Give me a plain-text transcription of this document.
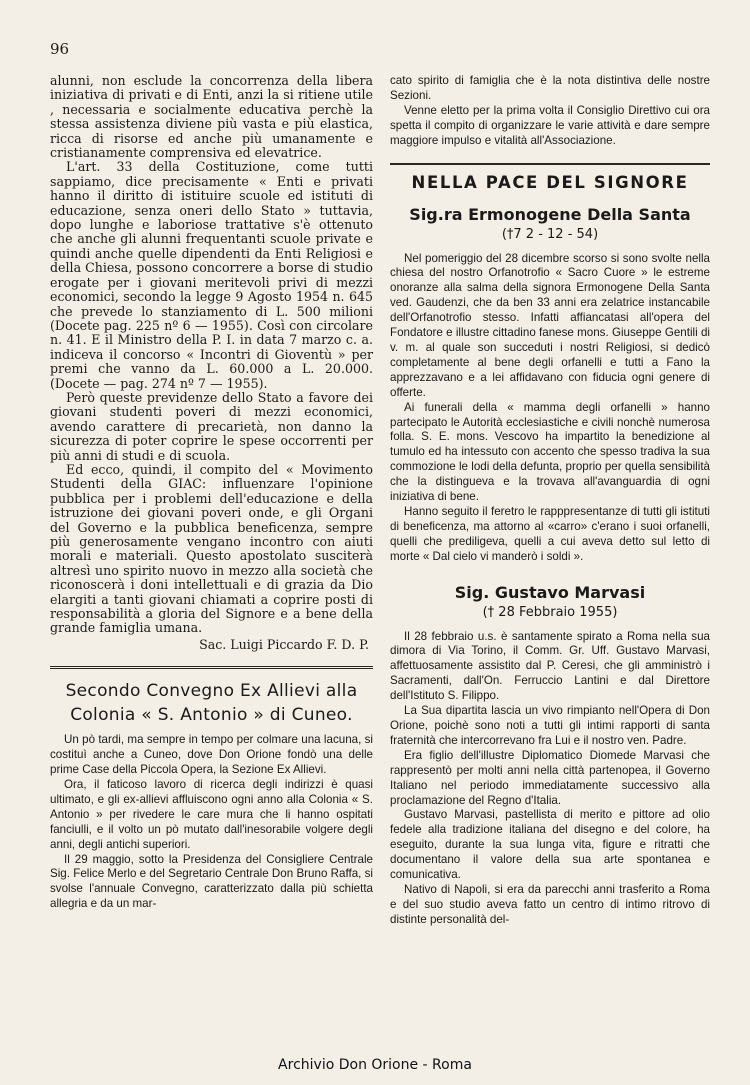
96

alunni, non esclude la concorrenza della libera iniziativa di privati e di Enti, anzi la si ritiene utile , necessaria e socialmente educativa perchè la stessa assistenza diviene più vasta e più elastica, ricca di risorse ed anche più umanamente e cristianamente comprensiva ed elevatrice.

L'art. 33 della Costituzione, come tutti sappiamo, dice precisamente « Enti e privati hanno il diritto di istituire scuole ed istituti di educazione, senza oneri dello Stato » tuttavia, dopo lunghe e laboriose trattative s'è ottenuto che anche gli alunni frequentanti scuole private e quindi anche quelle dipendenti da Enti Religiosi e della Chiesa, possono concorrere a borse di studio erogate per i giovani meritevoli privi di mezzi economici, secondo la legge 9 Agosto 1954 n. 645 che prevede lo stanziamento di L. 500 milioni (Docete pag. 225 nº 6 — 1955). Così con circolare n. 41. E il Ministro della P. I. in data 7 marzo c. a. indiceva il concorso « Incontri di Gioventù » per premi che vanno da L. 60.000 a L. 20.000. (Docete — pag. 274 nº 7 — 1955).

Però queste previdenze dello Stato a favore dei giovani studenti poveri di mezzi economici, avendo carattere di precarietà, non danno la sicurezza di poter coprire le spese occorrenti per più anni di studi e di scuola.

Ed ecco, quindi, il compito del « Movimento Studenti della GIAC: influenzare l'opinione pubblica per i problemi dell'educazione e della istruzione dei giovani poveri onde, e gli Organi del Governo e la pubblica beneficenza, sempre più generosamente vengano incontro con aiuti morali e materiali. Questo apostolato susciterà altresì uno spirito nuovo in mezzo alla società che riconoscerà i doni intellettuali e di grazia da Dio elargiti a tanti giovani chiamati a coprire posti di responsabilità a gloria del Signore e a bene della grande famiglia umana.

Sac. Luigi Piccardo F. D. P.
Secondo Convegno Ex Allievi alla
Colonia « S. Antonio » di Cuneo.

Un pò tardi, ma sempre in tempo per colmare una lacuna, si costituì anche a Cuneo, dove Don Orione fondò una delle prime Case della Piccola Opera, la Sezione Ex Allievi.

Ora, il faticoso lavoro di ricerca degli indirizzi è quasi ultimato, e gli ex-allievi affluiscono ogni anno alla Colonia « S. Antonio » per rivedere le care mura che li hanno ospitati fanciulli, e il volto un pò mutato dall'inesorabile volgere degli anni, degli antichi superiori.

Il 29 maggio, sotto la Presidenza del Consigliere Centrale Sig. Felice Merlo e del Segretario Centrale Don Bruno Raffa, si svolse l'annuale Convegno, caratterizzato dalla più schietta allegria e da un mar-

cato spirito di famiglia che è la nota distintiva delle nostre Sezioni.

Venne eletto per la prima volta il Consiglio Direttivo cui ora spetta il compito di organizzare le varie attività e dare sempre maggiore impulso e vitalità all'Associazione.

NELLA PACE DEL SIGNORE
Sig.ra Ermonogene Della Santa
(†7 2 - 12 - 54)

Nel pomeriggio del 28 dicembre scorso si sono svolte nella chiesa del nostro Orfanotrofio « Sacro Cuore » le estreme onoranze alla salma della signora Ermonogene Della Santa ved. Gaudenzi, che da ben 33 anni era zelatrice instancabile dell'Orfanotrofio stesso. Infatti affiancatasi all'opera del Fondatore e illustre cittadino fanese mons. Giuseppe Gentili di v. m. al quale son succeduti i nostri Religiosi, si dedicò completamente al bene degli orfanelli e tutti a Fano la apprezzavano e a lei affidavano con fiducia ogni genere di offerte.

Ai funerali della « mamma degli orfanelli » hanno partecipato le Autorità ecclesiastiche e civili nonchè numerosa folla. S. E. mons. Vescovo ha impartito la benedizione al tumulo ed ha intessuto con accento che spesso tradiva la sua commozione le lodi della defunta, proprio per quella sensibilità che la distingueva e la trovava all'avanguardia di ogni iniziativa di bene.

Hanno seguito il feretro le rapppresentanze di tutti gli istituti di beneficenza, ma attorno al «carro» c'erano i suoi orfanelli, quelli che prediligeva, quelli a cui aveva detto sul letto di morte « Dal cielo vi manderò i soldi ».

Sig. Gustavo Marvasi
(† 28 Febbraio 1955)

Il 28 febbraio u.s. è santamente spirato a Roma nella sua dimora di Via Torino, il Comm. Gr. Uff. Gustavo Marvasi, affettuosamente assistito dal P. Ceresi, che gli amministrò i Sacramenti, dall'On. Ferruccio Lantini e dal Direttore dell'Istituto S. Filippo.

La Sua dipartita lascia un vivo rimpianto nell'Opera di Don Orione, poichè sono noti a tutti gli intimi rapporti di santa fraternità che intercorrevano fra Lui e il nostro ven. Padre.

Era figlio dell'illustre Diplomatico Diomede Marvasi che rappresentò per molti anni nella città partenopea, il Governo Italiano nel periodo immediatamente successivo alla proclamazione del Regno d'Italia.

Gustavo Marvasi, pastellista di merito e pittore ad olio fedele alla tradizione italiana del disegno e del colore, ha eseguito, durante la sua lunga vita, figure e ritratti che documentano il valore della sua arte spontanea e comunicativa.

Nativo di Napoli, si era da parecchi anni trasferito a Roma e del suo studio aveva fatto un centro di intimo ritrovo di distinte personalità del-

Archivio Don Orione - Roma
